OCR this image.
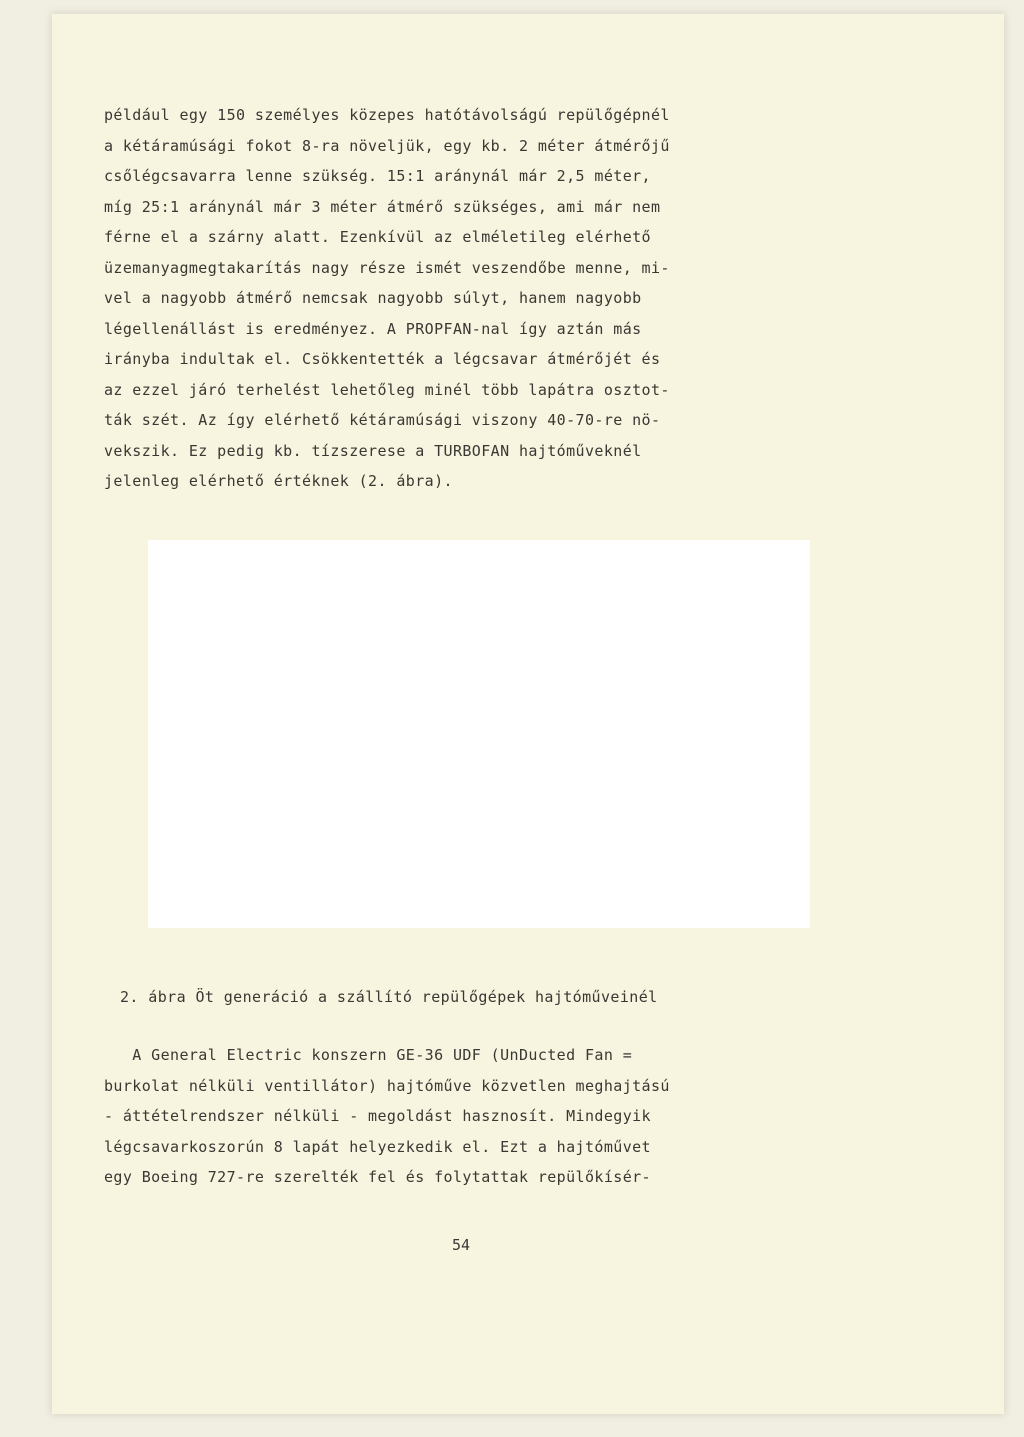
például egy 150 személyes közepes hatótávolságú repülőgépnél
a kétáramúsági fokot 8-ra növeljük, egy kb. 2 méter átmérőjű
csőlégcsavarra lenne szükség. 15:1 aránynál már 2,5 méter,
míg 25:1 aránynál már 3 méter átmérő szükséges, ami már nem
férne el a szárny alatt. Ezenkívül az elméletileg elérhető
üzemanyagmegtakarítás nagy része ismét veszendőbe menne, mi-
vel a nagyobb átmérő nemcsak nagyobb súlyt, hanem nagyobb
légellenállást is eredményez. A PROPFAN-nal így aztán más
irányba indultak el. Csökkentették a légcsavar átmérőjét és
az ezzel járó terhelést lehetőleg minél több lapátra osztot-
ták szét. Az így elérhető kétáramúsági viszony 40-70-re nö-
vekszik. Ez pedig kb. tízszerese a TURBOFAN hajtóműveknél
jelenleg elérhető értéknek (2. ábra).
2. ábra Öt generáció a szállító repülőgépek hajtóműveinél
A General Electric konszern GE-36 UDF (UnDucted Fan =
burkolat nélküli ventillátor) hajtóműve közvetlen meghajtású
- áttételrendszer nélküli - megoldást hasznosít. Mindegyik
légcsavarkoszorún 8 lapát helyezkedik el. Ezt a hajtóművet
egy Boeing 727-re szerelték fel és folytattak repülőkísér-
54
